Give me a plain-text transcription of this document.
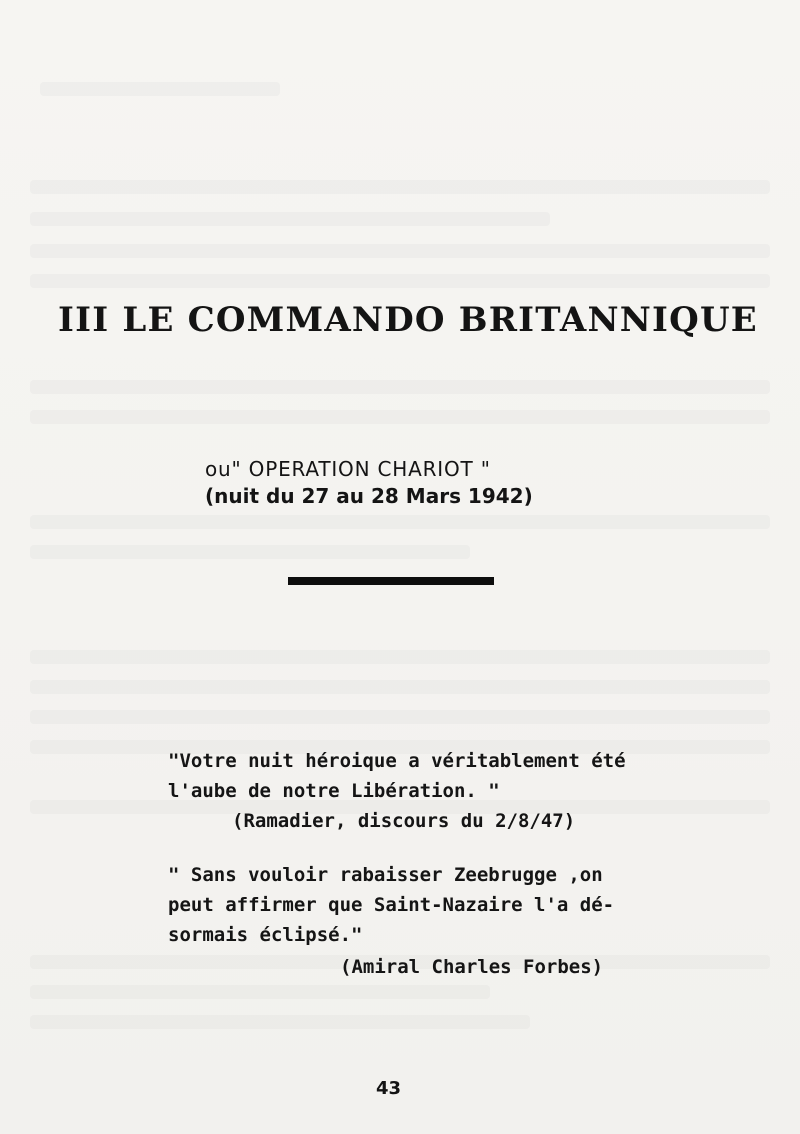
III LE COMMANDO BRITANNIQUE
ou" OPERATION CHARIOT "
(nuit du 27 au 28 Mars 1942)
"Votre nuit héroique a véritablement été
l'aube de notre Libération. "
(Ramadier, discours du 2/8/47)
" Sans vouloir rabaisser Zeebrugge ,on
peut affirmer que Saint-Nazaire l'a dé-
sormais éclipsé."
(Amiral Charles Forbes)
43
